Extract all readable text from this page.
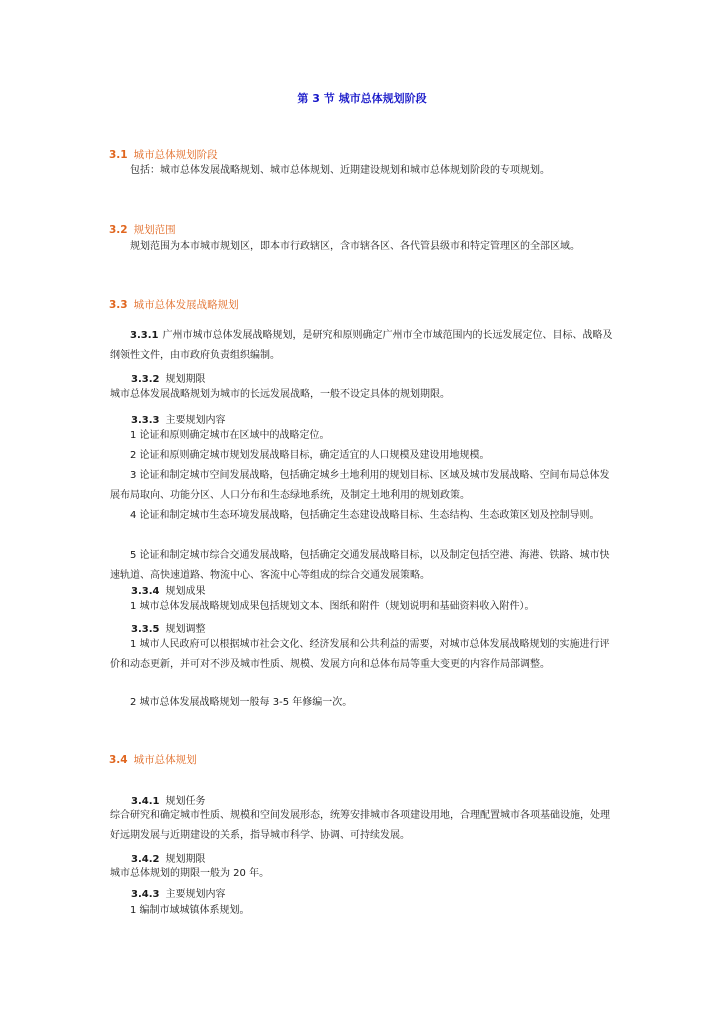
第 3 节 城市总体规划阶段
3.1 城市总体规划阶段
包括：城市总体发展战略规划、城市总体规划、近期建设规划和城市总体规划阶段的专项规划。
3.2 规划范围
规划范围为本市城市规划区，即本市行政辖区，含市辖各区、各代管县级市和特定管理区的全部区域。
3.3 城市总体发展战略规划
3.3.1 广州市城市总体发展战略规划，是研究和原则确定广州市全市域范围内的长远发展定位、目标、战略及纲领性文件，由市政府负责组织编制。
3.3.2 规划期限
城市总体发展战略规划为城市的长远发展战略，一般不设定具体的规划期限。
3.3.3 主要规划内容
1 论证和原则确定城市在区域中的战略定位。
2 论证和原则确定城市规划发展战略目标，确定适宜的人口规模及建设用地规模。
3 论证和制定城市空间发展战略，包括确定城乡土地利用的规划目标、区域及城市发展战略、空间布局总体发展布局取向、功能分区、人口分布和生态绿地系统，及制定土地利用的规划政策。
4 论证和制定城市生态环境发展战略，包括确定生态建设战略目标、生态结构、生态政策区划及控制导则。
5 论证和制定城市综合交通发展战略，包括确定交通发展战略目标，以及制定包括空港、海港、铁路、城市快速轨道、高快速道路、物流中心、客流中心等组成的综合交通发展策略。
3.3.4 规划成果
1 城市总体发展战略规划成果包括规划文本、图纸和附件（规划说明和基础资料收入附件）。
3.3.5 规划调整
1 城市人民政府可以根据城市社会文化、经济发展和公共利益的需要，对城市总体发展战略规划的实施进行评价和动态更新，并可对不涉及城市性质、规模、发展方向和总体布局等重大变更的内容作局部调整。
2 城市总体发展战略规划一般每 3-5 年修编一次。
3.4 城市总体规划
3.4.1 规划任务
综合研究和确定城市性质、规模和空间发展形态，统筹安排城市各项建设用地，合理配置城市各项基础设施，处理好远期发展与近期建设的关系，指导城市科学、协调、可持续发展。
3.4.2 规划期限
城市总体规划的期限一般为 20 年。
3.4.3 主要规划内容
1 编制市域城镇体系规划。
